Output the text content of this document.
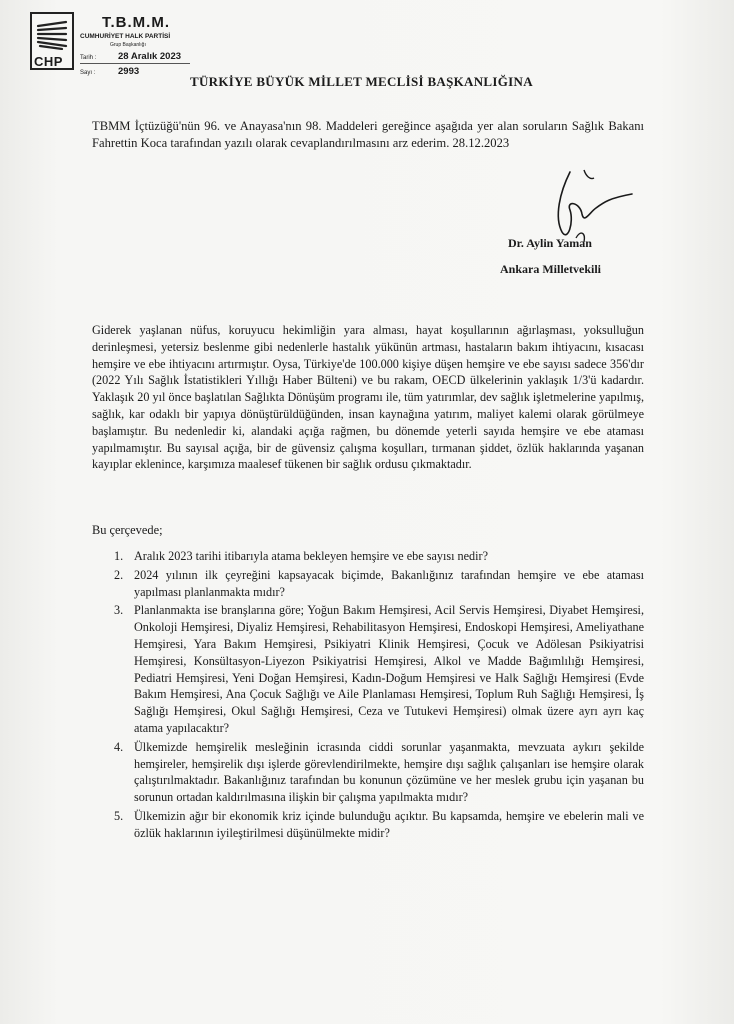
CHP
T.B.M.M.
CUMHURİYET HALK PARTİSİ
Grup Başkanlığı
Tarih : 28 Aralık 2023
Sayı : 2993
TÜRKİYE BÜYÜK MİLLET MECLİSİ BAŞKANLIĞINA
TBMM İçtüzüğü'nün 96. ve Anayasa'nın 98. Maddeleri gereğince aşağıda yer alan soruların Sağlık Bakanı Fahrettin Koca tarafından yazılı olarak cevaplandırılmasını arz ederim. 28.12.2023
Dr. Aylin Yaman
Ankara Milletvekili
Giderek yaşlanan nüfus, koruyucu hekimliğin yara alması, hayat koşullarının ağırlaşması, yoksulluğun derinleşmesi, yetersiz beslenme gibi nedenlerle hastalık yükünün artması, hastaların bakım ihtiyacını, kısacası hemşire ve ebe ihtiyacını artırmıştır. Oysa, Türkiye'de 100.000 kişiye düşen hemşire ve ebe sayısı sadece 356'dır (2022 Yılı Sağlık İstatistikleri Yıllığı Haber Bülteni) ve bu rakam, OECD ülkelerinin yaklaşık 1/3'ü kadardır. Yaklaşık 20 yıl önce başlatılan Sağlıkta Dönüşüm programı ile, tüm yatırımlar, dev sağlık işletmelerine yapılmış, sağlık, kar odaklı bir yapıya dönüştürüldüğünden, insan kaynağına yatırım, maliyet kalemi olarak görülmeye başlamıştır. Bu nedenledir ki, alandaki açığa rağmen, bu dönemde yeterli sayıda hemşire ve ebe ataması yapılmamıştır. Bu sayısal açığa, bir de güvensiz çalışma koşulları, tırmanan şiddet, özlük haklarında yaşanan kayıplar eklenince, karşımıza maalesef tükenen bir sağlık ordusu çıkmaktadır.
Bu çerçevede;
1. Aralık 2023 tarihi itibarıyla atama bekleyen hemşire ve ebe sayısı nedir?
2. 2024 yılının ilk çeyreğini kapsayacak biçimde, Bakanlığınız tarafından hemşire ve ebe ataması yapılması planlanmakta mıdır?
3. Planlanmakta ise branşlarına göre; Yoğun Bakım Hemşiresi, Acil Servis Hemşiresi, Diyabet Hemşiresi, Onkoloji Hemşiresi, Diyaliz Hemşiresi, Rehabilitasyon Hemşiresi, Endoskopi Hemşiresi, Ameliyathane Hemşiresi, Yara Bakım Hemşiresi, Psikiyatri Klinik Hemşiresi, Çocuk ve Adölesan Psikiyatrisi Hemşiresi, Konsültasyon-Liyezon Psikiyatrisi Hemşiresi, Alkol ve Madde Bağımlılığı Hemşiresi, Pediatri Hemşiresi, Yeni Doğan Hemşiresi, Kadın-Doğum Hemşiresi ve Halk Sağlığı Hemşiresi (Evde Bakım Hemşiresi, Ana Çocuk Sağlığı ve Aile Planlaması Hemşiresi, Toplum Ruh Sağlığı Hemşiresi, İş Sağlığı Hemşiresi, Okul Sağlığı Hemşiresi, Ceza ve Tutukevi Hemşiresi) olmak üzere ayrı ayrı kaç atama yapılacaktır?
4. Ülkemizde hemşirelik mesleğinin icrasında ciddi sorunlar yaşanmakta, mevzuata aykırı şekilde hemşireler, hemşirelik dışı işlerde görevlendirilmekte, hemşire dışı sağlık çalışanları ise hemşire olarak çalıştırılmaktadır. Bakanlığınız tarafından bu konunun çözümüne ve her meslek grubu için yaşanan bu sorunun ortadan kaldırılmasına ilişkin bir çalışma yapılmakta mıdır?
5. Ülkemizin ağır bir ekonomik kriz içinde bulunduğu açıktır. Bu kapsamda, hemşire ve ebelerin mali ve özlük haklarının iyileştirilmesi düşünülmekte midir?
